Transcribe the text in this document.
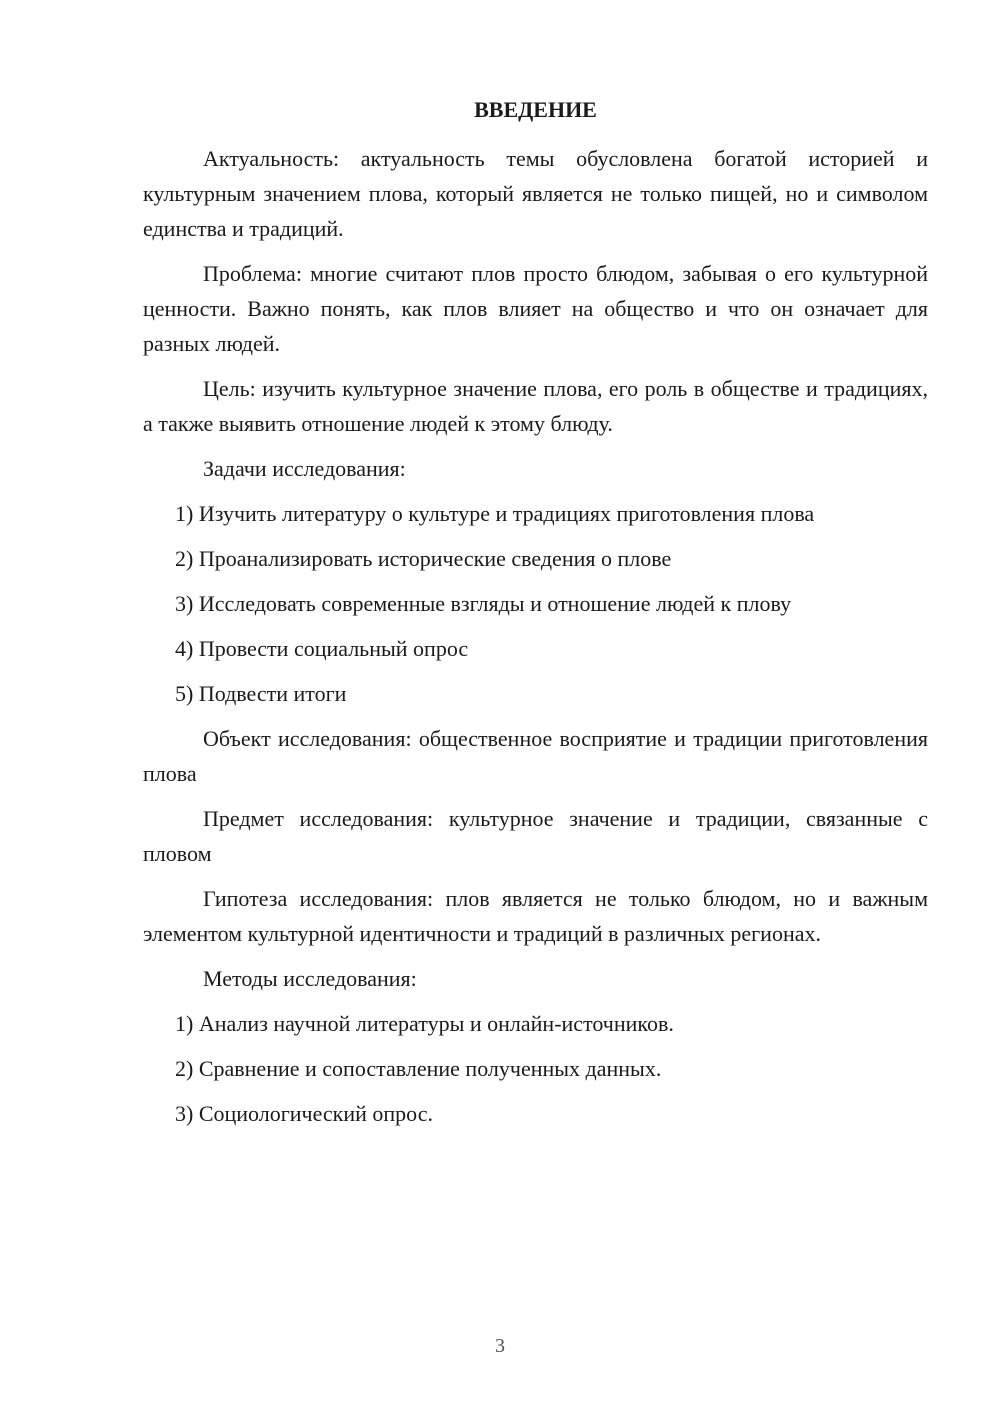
ВВЕДЕНИЕ

Актуальность: актуальность темы обусловлена богатой историей и культурным значением плова, который является не только пищей, но и символом единства и традиций.

Проблема: многие считают плов просто блюдом, забывая о его культурной ценности. Важно понять, как плов влияет на общество и что он означает для разных людей.

Цель: изучить культурное значение плова, его роль в обществе и традициях, а также выявить отношение людей к этому блюду.

Задачи исследования:
1) Изучить литературу о культуре и традициях приготовления плова
2) Проанализировать исторические сведения о плове
3) Исследовать современные взгляды и отношение людей к плову
4) Провести социальный опрос
5) Подвести итоги

Объект исследования: общественное восприятие и традиции приготовления плова

Предмет исследования: культурное значение и традиции, связанные с пловом

Гипотеза исследования: плов является не только блюдом, но и важным элементом культурной идентичности и традиций в различных регионах.

Методы исследования:
1) Анализ научной литературы и онлайн-источников.
2) Сравнение и сопоставление полученных данных.
3) Социологический опрос.
3
